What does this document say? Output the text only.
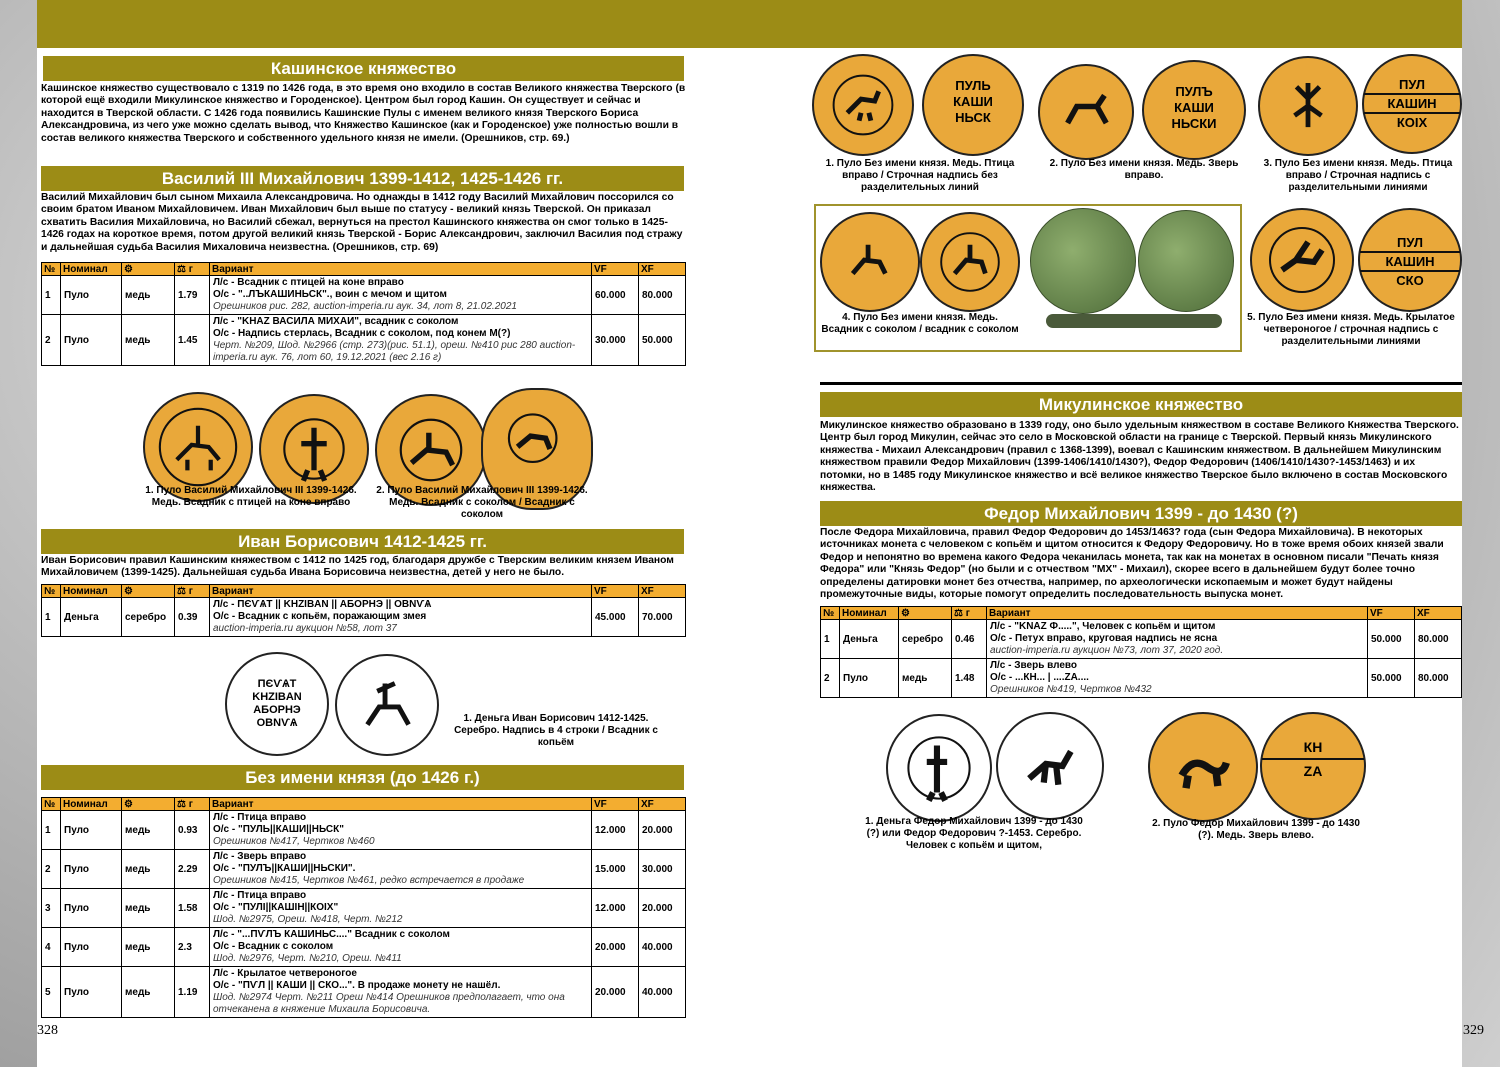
Кашинское княжество
Кашинское княжество существовало с 1319 по 1426 года, в это время оно входило в состав Великого княжества Тверского (в которой ещё входили Микулинское княжество и Городенское). Центром был город Кашин. Он существует и сейчас и находится в Тверской области. С 1426 года появились Кашинские Пулы с именем великого князя Тверского Бориса Александровича, из чего уже можно сделать вывод, что Княжество Кашинское (как и Городенское) уже полностью вошли в состав великого княжества Тверского и собственного удельного князя не имели. (Орешников, стр. 69.)
Василий III Михайлович 1399-1412, 1425-1426 гг.
Василий Михайлович был сыном Михаила Александровича. Но однажды в 1412 году Василий Михайлович поссорился со своим братом Иваном Михайловичем. Иван Михайлович был выше по статусу - великий князь Тверской. Он приказал схватить Василия Михайловича, но Василий сбежал, вернуться на престол Кашинского княжества он смог только в 1425-1426 годах на короткое время, потом другой великий князь Тверской - Борис Александрович, заключил Василия под стражу и дальнейшая судьба Василия Михаловича неизвестна. (Орешников, стр. 69)
№	Номинал	⚙	⚖ г	Вариант	VF	XF
1	Пуло	медь	1.79	Л/с - Всадник с птицей на коне вправо
О/с - "..ЛЪКАШИНЬСК"., воин с мечом и щитом
Орешников рис. 282, auction-imperia.ru аук. 34, лот 8, 21.02.2021	60.000	80.000
2	Пуло	медь	1.45	Л/с - "KHAZ ВАСИЛА МИХАИ", всадник с соколом
О/с - Надпись стерлась, Всадник с соколом, под конем М(?)
Черт. №209, Шод. №2966 (стр. 273)(рис. 51.1), ореш. №410 рис 280 auction-imperia.ru аук. 76, лот 60, 19.12.2021 (вес 2.16 г)	30.000	50.000
1. Пуло Василий Михайлович III 1399-1426. Медь. Всадник с птицей на коне вправо
2. Пуло Василий Михайлович III 1399-1426. Медь. Всадник с соколом / Всадник с соколом
Иван Борисович 1412-1425 гг.
Иван Борисович правил Кашинским княжеством с 1412 по 1425 год, благодаря дружбе с Тверским великим князем Иваном Михайловичем (1399-1425). Дальнейшая судьба Ивана Борисовича неизвестна, детей у него не было.
№	Номинал	⚙	⚖ г	Вариант	VF	XF
1	Деньга	серебро	0.39	Л/с - ПЄѴѦТ || KHZIBAN || АБОРНЭ || OBNѴѦ
О/с - Всадник с копьём, поражающим змея
auction-imperia.ru аукцион №58, лот 37	45.000	70.000
ПЄѴѦТ
KHZIBAN
АБОРНЭ
OBNѴѦ	1. Деньга Иван Борисович 1412-1425. Серебро. Надпись в 4 строки / Всадник с копьём
Без имени князя (до 1426 г.)
№	Номинал	⚙	⚖ г	Вариант	VF	XF
1	Пуло	медь	0.93	Л/с - Птица вправо
О/с - "ПУЛЬ||КАШИ||НЬСК"
Орешников №417, Чертков №460	12.000	20.000
2	Пуло	медь	2.29	Л/с - Зверь вправо
О/с - "ПУЛЪ||КАШИ||НЬСКИ".
Орешников №415, Чертков №461, редко встречается в продаже	15.000	30.000
3	Пуло	медь	1.58	Л/с - Птица вправо
О/с - "ПУЛІ||КАШІН||КОІХ"
Шод. №2975, Ореш. №418, Черт. №212	12.000	20.000
4	Пуло	медь	2.3	Л/с - "...ПѴЛЪ КАШИНЬС...." Всадник с соколом
О/с - Всадник с соколом
Шод. №2976, Черт. №210, Ореш. №411	20.000	40.000
5	Пуло	медь	1.19	Л/с - Крылатое четвероногое
О/с - "ПѴЛ || КАШИ || СКО...". В продаже монету не нашёл.
Шод. №2974 Черт. №211 Ореш №414 Орешников предполагает, что она отчеканена в княжение Михаила Борисовича.	20.000	40.000
328
ПУЛЬ
КАШИ
НЬСК
ПУЛЪ
КАШИ
НЬСКИ
ПУЛ
КАШИН
КОІХ
1. Пуло Без имени князя. Медь. Птица вправо / Строчная надпись без разделительных линий
2. Пуло Без имени князя. Медь. Зверь вправо.
3. Пуло Без имени князя. Медь. Птица вправо / Строчная надпись с разделительными линиями
4. Пуло Без имени князя. Медь. Всадник с соколом / всадник с соколом
ПУЛ
КАШИН
СКО
5. Пуло Без имени князя. Медь. Крылатое четвероногое / строчная надпись с разделительными линиями
Микулинское княжество
Микулинское княжество образовано в 1339 году, оно было удельным княжеством в составе Великого Княжества Тверского. Центр был город Микулин, сейчас это село в Московской области на границе с Тверской. Первый князь Микулинского княжества - Михаил Александрович (правил с 1368-1399), воевал с Кашинским княжеством. В дальнейшем Микулинским княжеством правили Федор Михайлович (1399-1406/1410/1430?), Федор Федорович (1406/1410/1430?-1453/1463) и их потомки, но в 1485 году Микулинское княжество и всё великое княжество Тверское было включено в состав Московского княжества.
Федор Михайлович 1399 - до 1430 (?)
После Федора Михайловича, правил Федор Федорович до 1453/1463? года (сын Федора Михайловича). В некоторых источниках монета с человеком с копьём и щитом относится к Федору Федоровичу. Но в тоже время обоих князей звали Федор и непонятно во времена какого Федора чеканилась монета, так как на монетах в основном писали "Печать князя Федора" или "Князь Федор" (но были и с отчеством "МХ" - Михаил), скорее всего в дальнейшем будут более точно определены датировки монет без отчества, например, по археологически ископаемым и может будут найдены промежуточные виды, которые помогут определить последовательность выпуска монет.
№	Номинал	⚙	⚖ г	Вариант	VF	XF
1	Деньга	серебро	0.46	Л/с - "KNAZ Ф.....", Человек с копьём и щитом
О/с - Петух вправо, круговая надпись не ясна
auction-imperia.ru аукцион №73, лот 37, 2020 год.	50.000	80.000
2	Пуло	медь	1.48	Л/с - Зверь влево
О/с - ...КН... | ....ZA....
Орешников №419, Чертков №432	50.000	80.000
1. Деньга Федор Михайлович 1399 - до 1430 (?) или Федор Федорович ?-1453. Серебро. Человек с копьём и щитом,
КН
ZA
2. Пуло Федор Михайлович 1399 - до 1430 (?). Медь. Зверь влево.
329
